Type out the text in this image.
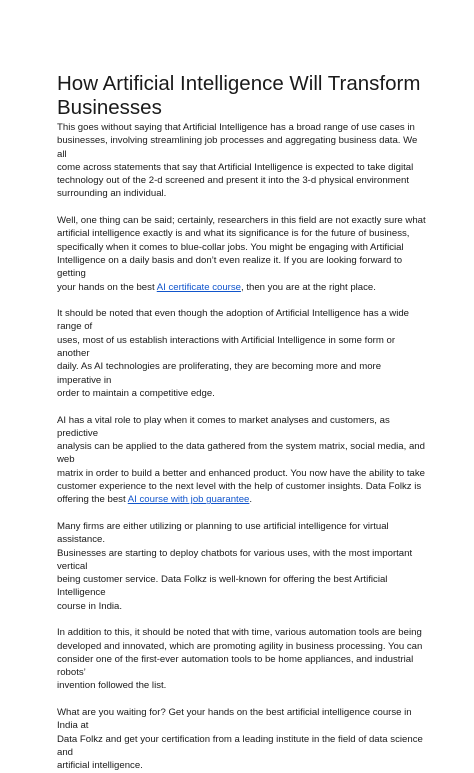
How Artificial Intelligence Will Transform Businesses

This goes without saying that Artificial Intelligence has a broad range of use cases in
businesses, involving streamlining job processes and aggregating business data. We all
come across statements that say that Artificial Intelligence is expected to take digital
technology out of the 2-d screened and present it into the 3-d physical environment
surrounding an individual.

Well, one thing can be said; certainly, researchers in this field are not exactly sure what
artificial intelligence exactly is and what its significance is for the future of business,
specifically when it comes to blue-collar jobs. You might be engaging with Artificial
Intelligence on a daily basis and don’t even realize it. If you are looking forward to getting
your hands on the best AI certificate course, then you are at the right place.

It should be noted that even though the adoption of Artificial Intelligence has a wide range of
uses, most of us establish interactions with Artificial Intelligence in some form or another
daily. As AI technologies are proliferating, they are becoming more and more imperative in
order to maintain a competitive edge.

AI has a vital role to play when it comes to market analyses and customers, as predictive
analysis can be applied to the data gathered from the system matrix, social media, and web
matrix in order to build a better and enhanced product. You now have the ability to take
customer experience to the next level with the help of customer insights. Data Folkz is
offering the best AI course with job guarantee.

Many firms are either utilizing or planning to use artificial intelligence for virtual assistance.
Businesses are starting to deploy chatbots for various uses, with the most important vertical
being customer service. Data Folkz is well-known for offering the best Artificial Intelligence
course in India.

In addition to this, it should be noted that with time, various automation tools are being
developed and innovated, which are promoting agility in business processing. You can
consider one of the first-ever automation tools to be home appliances, and industrial robots’
invention followed the list.

What are you waiting for? Get your hands on the best artificial intelligence course in India at
Data Folkz and get your certification from a leading institute in the field of data science and
artificial intelligence.
